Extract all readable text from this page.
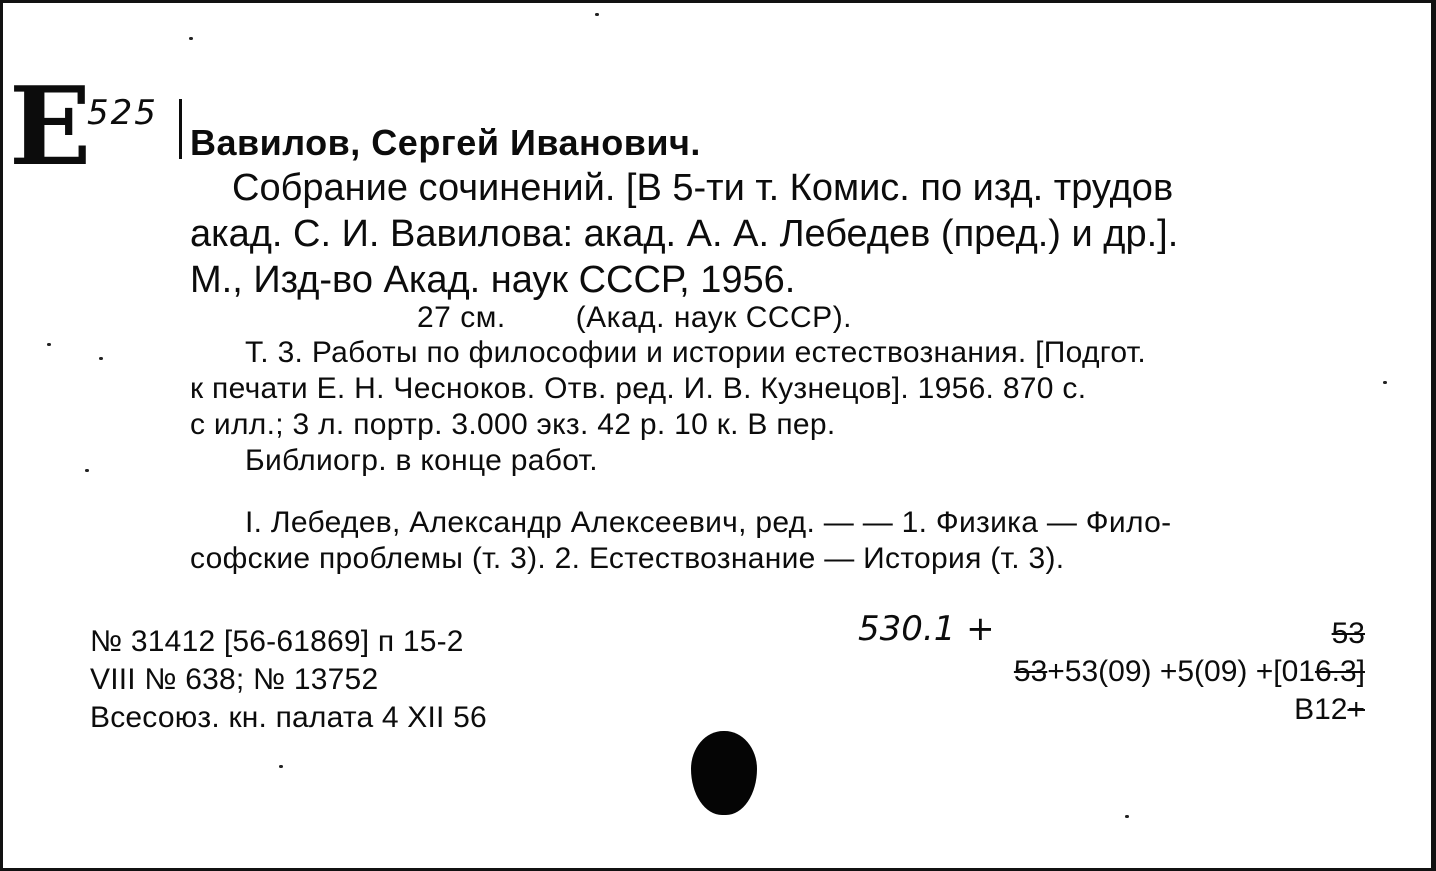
Е 525
Вавилов, Сергей Иванович.
Собрание сочинений. [В 5-ти т. Комис. по изд. трудов
акад. С. И. Вавилова: акад. А. А. Лебедев (пред.) и др.].
М., Изд-во Акад. наук СССР, 1956.
27 см. (Акад. наук СССР).
Т. 3. Работы по философии и истории естествознания. [Подгот.
к печати Е. Н. Чесноков. Отв. ред. И. В. Кузнецов]. 1956. 870 с.
с илл.; 3 л. портр. 3.000 экз. 42 р. 10 к. В пер.
Библиогр. в конце работ.
I. Лебедев, Александр Алексеевич, ред. — — 1. Физика — Фило-
софские проблемы (т. 3). 2. Естествознание — История (т. 3).
№ 31412 [56-61869] п 15-2
VIII № 638; № 13752
Всесоюз. кн. палата 4 XII 56
530.1 +	53
53+53(09) +5(09) +[016.3]
В12+
